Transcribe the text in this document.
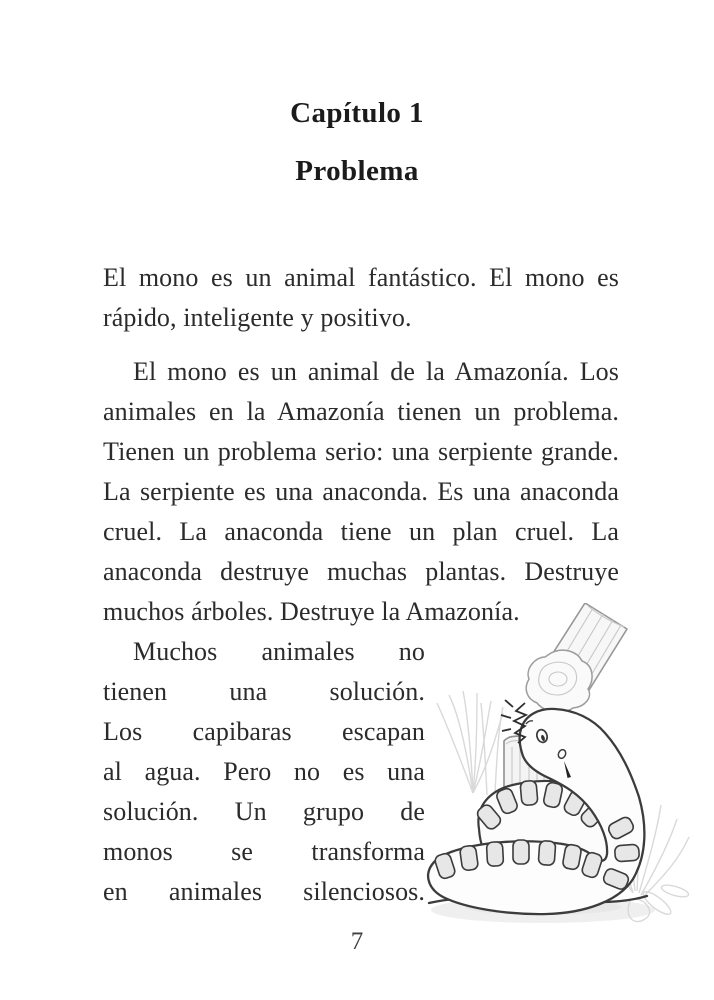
Capítulo 1
Problema
El mono es un animal fantástico. El mono es
rápido, inteligente y positivo.
El mono es un animal de la Amazonía. Los
animales en la Amazonía tienen un problema.
Tienen un problema serio: una serpiente grande.
La serpiente es una anaconda. Es una anaconda
cruel. La anaconda tiene un plan cruel. La
anaconda destruye muchas plantas. Destruye
muchos árboles. Destruye la Amazonía.
Muchos animales no
tienen una solución.
Los capibaras escapan
al agua. Pero no es una
solución. Un grupo de
monos se transforma
en animales silenciosos.
7
